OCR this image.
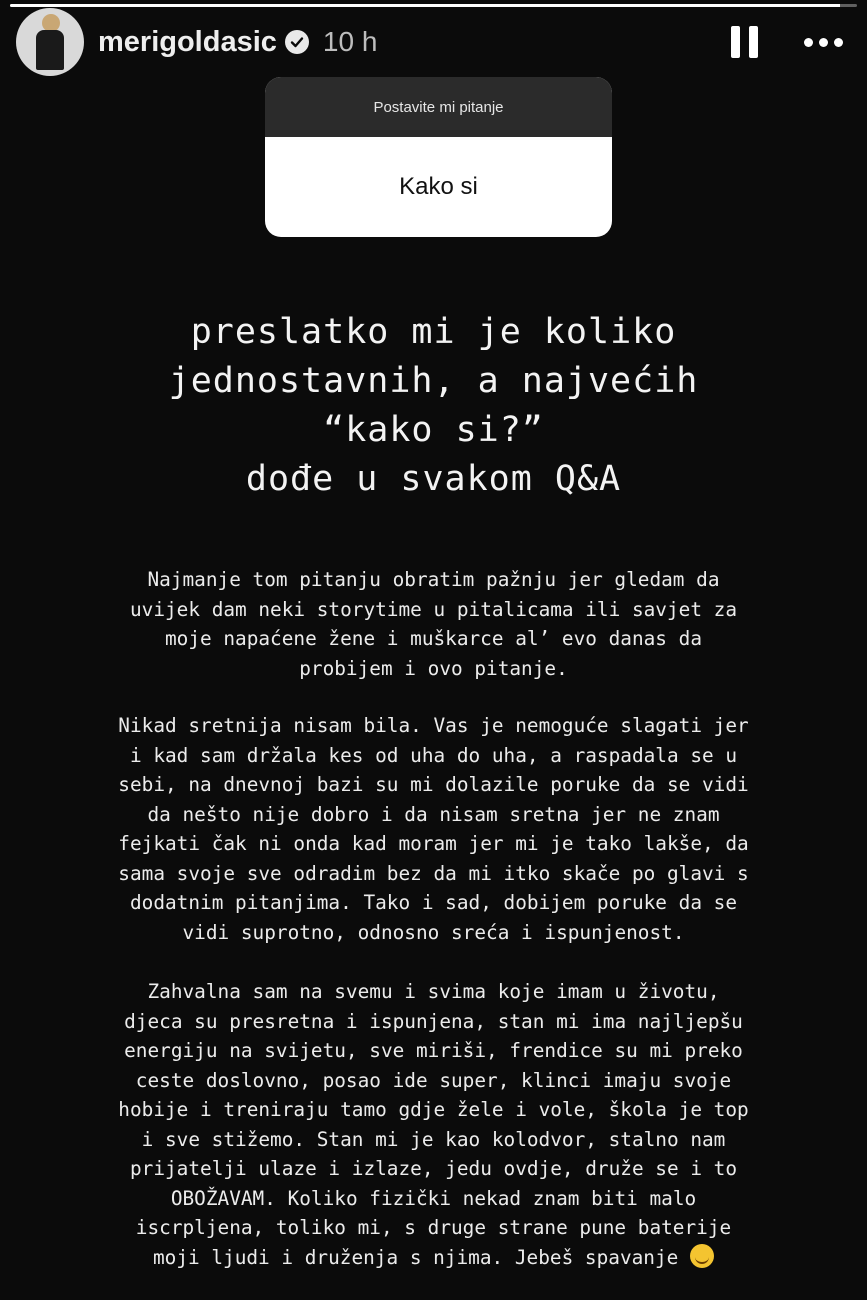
merigoldasic 10 h
Postavite mi pitanje
Kako si
preslatko mi je koliko
jednostavnih, a najvećih
“kako si?”
dođe u svakom Q&A
Najmanje tom pitanju obratim pažnju jer gledam da
uvijek dam neki storytime u pitalicama ili savjet za
moje napaćene žene i muškarce al’ evo danas da
probijem i ovo pitanje.
Nikad sretnija nisam bila. Vas je nemoguće slagati jer
i kad sam držala kes od uha do uha, a raspadala se u
sebi, na dnevnoj bazi su mi dolazile poruke da se vidi
da nešto nije dobro i da nisam sretna jer ne znam
fejkati čak ni onda kad moram jer mi je tako lakše, da
sama svoje sve odradim bez da mi itko skače po glavi s
dodatnim pitanjima. Tako i sad, dobijem poruke da se
vidi suprotno, odnosno sreća i ispunjenost.
Zahvalna sam na svemu i svima koje imam u životu,
djeca su presretna i ispunjena, stan mi ima najljepšu
energiju na svijetu, sve miriši, frendice su mi preko
ceste doslovno, posao ide super, klinci imaju svoje
hobije i treniraju tamo gdje žele i vole, škola je top
i sve stižemo. Stan mi je kao kolodvor, stalno nam
prijatelji ulaze i izlaze, jedu ovdje, druže se i to
OBOŽAVAM. Koliko fizički nekad znam biti malo
iscrpljena, toliko mi, s druge strane pune baterije
moji ljudi i druženja s njima. Jebeš spavanje
